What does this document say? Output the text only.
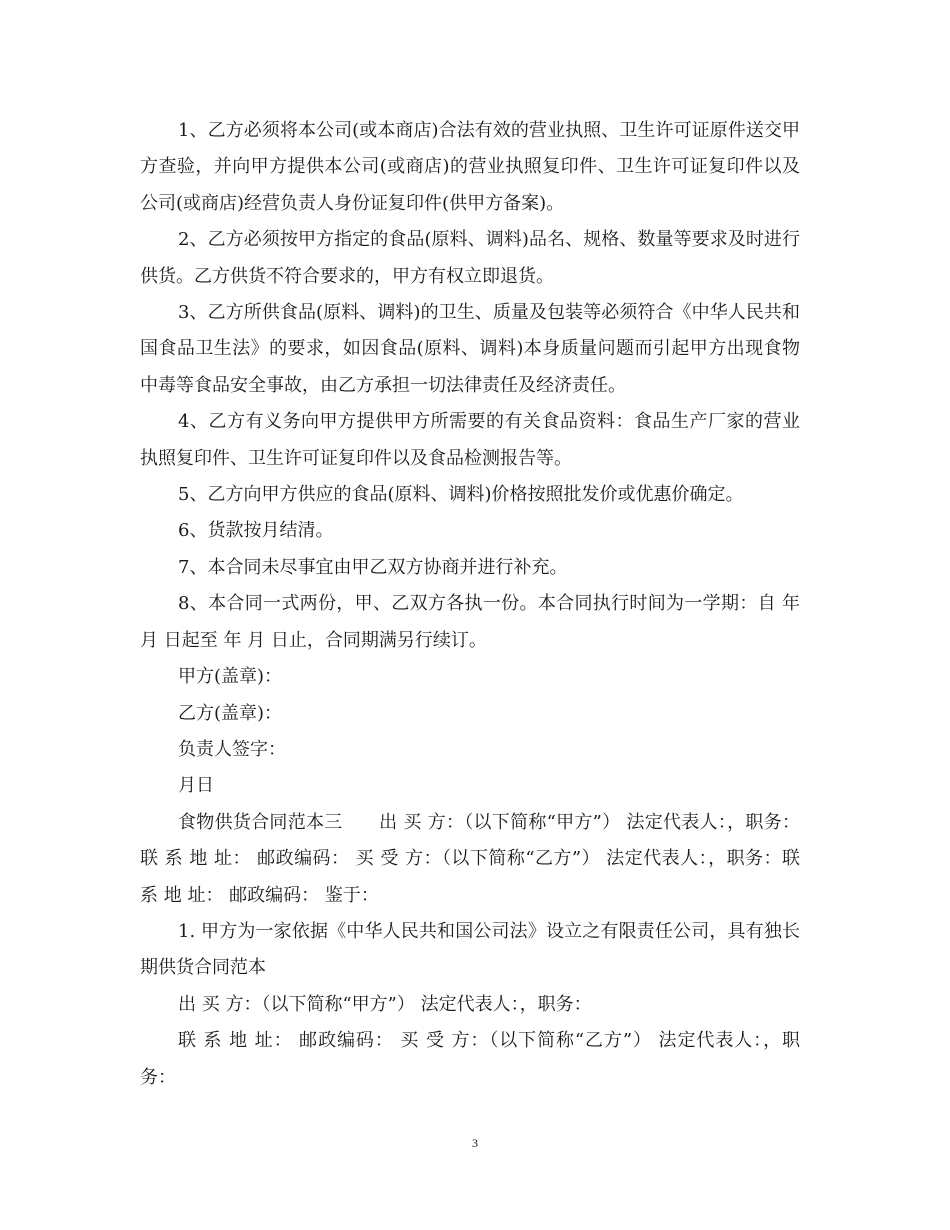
1、乙方必须将本公司(或本商店)合法有效的营业执照、卫生许可证原件送交甲方查验，并向甲方提供本公司(或商店)的营业执照复印件、卫生许可证复印件以及公司(或商店)经营负责人身份证复印件(供甲方备案)。

2、乙方必须按甲方指定的食品(原料、调料)品名、规格、数量等要求及时进行供货。乙方供货不符合要求的，甲方有权立即退货。

3、乙方所供食品(原料、调料)的卫生、质量及包装等必须符合《中华人民共和国食品卫生法》的要求，如因食品(原料、调料)本身质量问题而引起甲方出现食物中毒等食品安全事故，由乙方承担一切法律责任及经济责任。

4、乙方有义务向甲方提供甲方所需要的有关食品资料：食品生产厂家的营业执照复印件、卫生许可证复印件以及食品检测报告等。

5、乙方向甲方供应的食品(原料、调料)价格按照批发价或优惠价确定。

6、货款按月结清。

7、本合同未尽事宜由甲乙双方协商并进行补充。

8、本合同一式两份，甲、乙双方各执一份。本合同执行时间为一学期：自 年 月 日起至 年 月 日止，合同期满另行续订。

甲方(盖章)：

乙方(盖章)：

负责人签字：

月日

食物供货合同范本三　　出 买 方：（以下简称“甲方”） 法定代表人：，职务：联 系 地 址： 邮政编码： 买 受 方：（以下简称“乙方”） 法定代表人：，职务：联 系 地 址： 邮政编码： 鉴于：

1. 甲方为一家依据《中华人民共和国公司法》设立之有限责任公司，具有独长期供货合同范本

出 买 方：（以下简称“甲方”） 法定代表人：，职务：

联 系 地 址： 邮政编码： 买 受 方：（以下简称“乙方”） 法定代表人：，职务：

3
